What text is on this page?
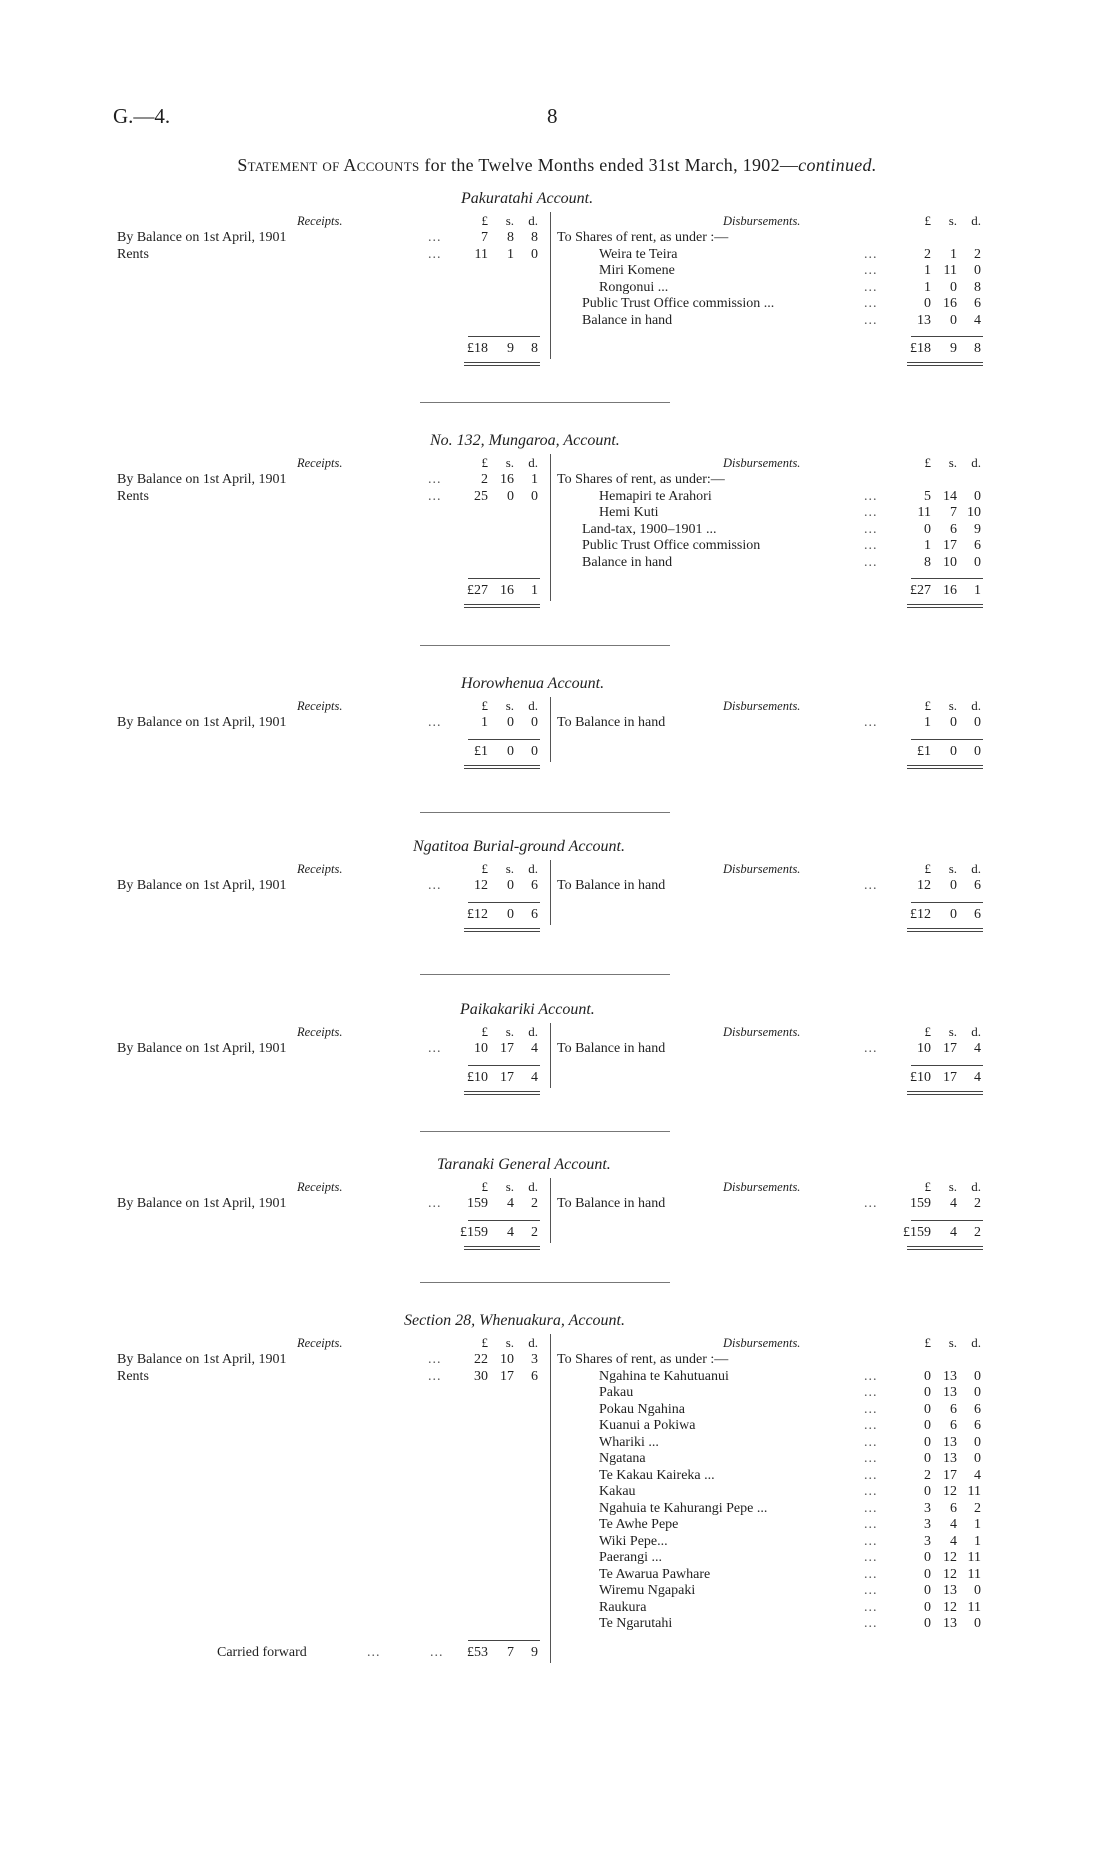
G.—4.	8
Statement of Accounts for the Twelve Months ended 31st March, 1902—continued.
Pakuratahi Account.
Receipts.	£	s.	d.	Disbursements.	£	s.	d.
By Balance on 1st April, 1901	...	7	8	8
Rents	...	11	1	0
To Shares of rent, as under :—
Weira te Teira	...	2	1	2
Miri Komene	...	1 11	0
Rongonui ...	...	1	0	8
Public Trust Office commission ...	...	0 16	6
Balance in hand	...	13	0	4
£18	9	8	£18	9	8
No. 132, Mungaroa, Account.
Receipts.	£	s.	d.	Disbursements.	£	s.	d.
By Balance on 1st April, 1901	...	2 16	1
Rents	...	25	0	0
To Shares of rent, as under:—
Hemapiri te Arahori	...	5 14	0
Hemi Kuti	...	11	7 10
Land-tax, 1900–1901 ...	...	0	6	9
Public Trust Office commission	...	1 17	6
Balance in hand	...	8 10	0
£27 16	1	£27 16	1
Horowhenua Account.
Receipts.	£	s.	d.	Disbursements.	£	s.	d.
By Balance on 1st April, 1901	...	1	0	0 To Balance in hand	...	1	0	0
£1	0	0	£1	0	0
Ngatitoa Burial-ground Account.
Receipts.	£	s.	d.	Disbursements.	£	s.	d.
By Balance on 1st April, 1901	...	12	0	6 To Balance in hand	...	12	0	6
£12	0	6	£12	0	6
Paikakariki Account.
Receipts.	£	s.	d.	Disbursements.	£	s.	d.
By Balance on 1st April, 1901	...	10 17	4 To Balance in hand	...	10 17	4
£10 17	4	£10 17	4
Taranaki General Account.
Receipts.	£	s.	d.	Disbursements.	£	s.	d.
By Balance on 1st April, 1901	...	159	4	2 To Balance in hand	...	159	4	2
£159	4	2	£159	4	2
Section 28, Whenuakura, Account.
Receipts.	£	s.	d.	Disbursements.	£	s.	d.
By Balance on 1st April, 1901	...	22 10	3
Rents	...	30 17	6
To Shares of rent, as under :—
Ngahina te Kahutuanui	...	0 13	0
Pakau	...	0 13	0
Pokau Ngahina	...	0	6	6
Kuanui a Pokiwa	...	0	6	6
Whariki ...	...	0 13	0
Ngatana	...	0 13	0
Te Kakau Kaireka ...	...	2 17	4
Kakau	...	0 12 11
Ngahuia te Kahurangi Pepe ...	...	3	6	2
Te Awhe Pepe	...	3	4	1
Wiki Pepe...	...	3	4	1
Paerangi ...	...	0 12 11
Te Awarua Pawhare	...	0 12 11
Wiremu Ngapaki	...	0 13	0
Raukura	...	0 12 11
Te Ngarutahi	...	0 13	0
Carried forward	...	...	£53	7	9
